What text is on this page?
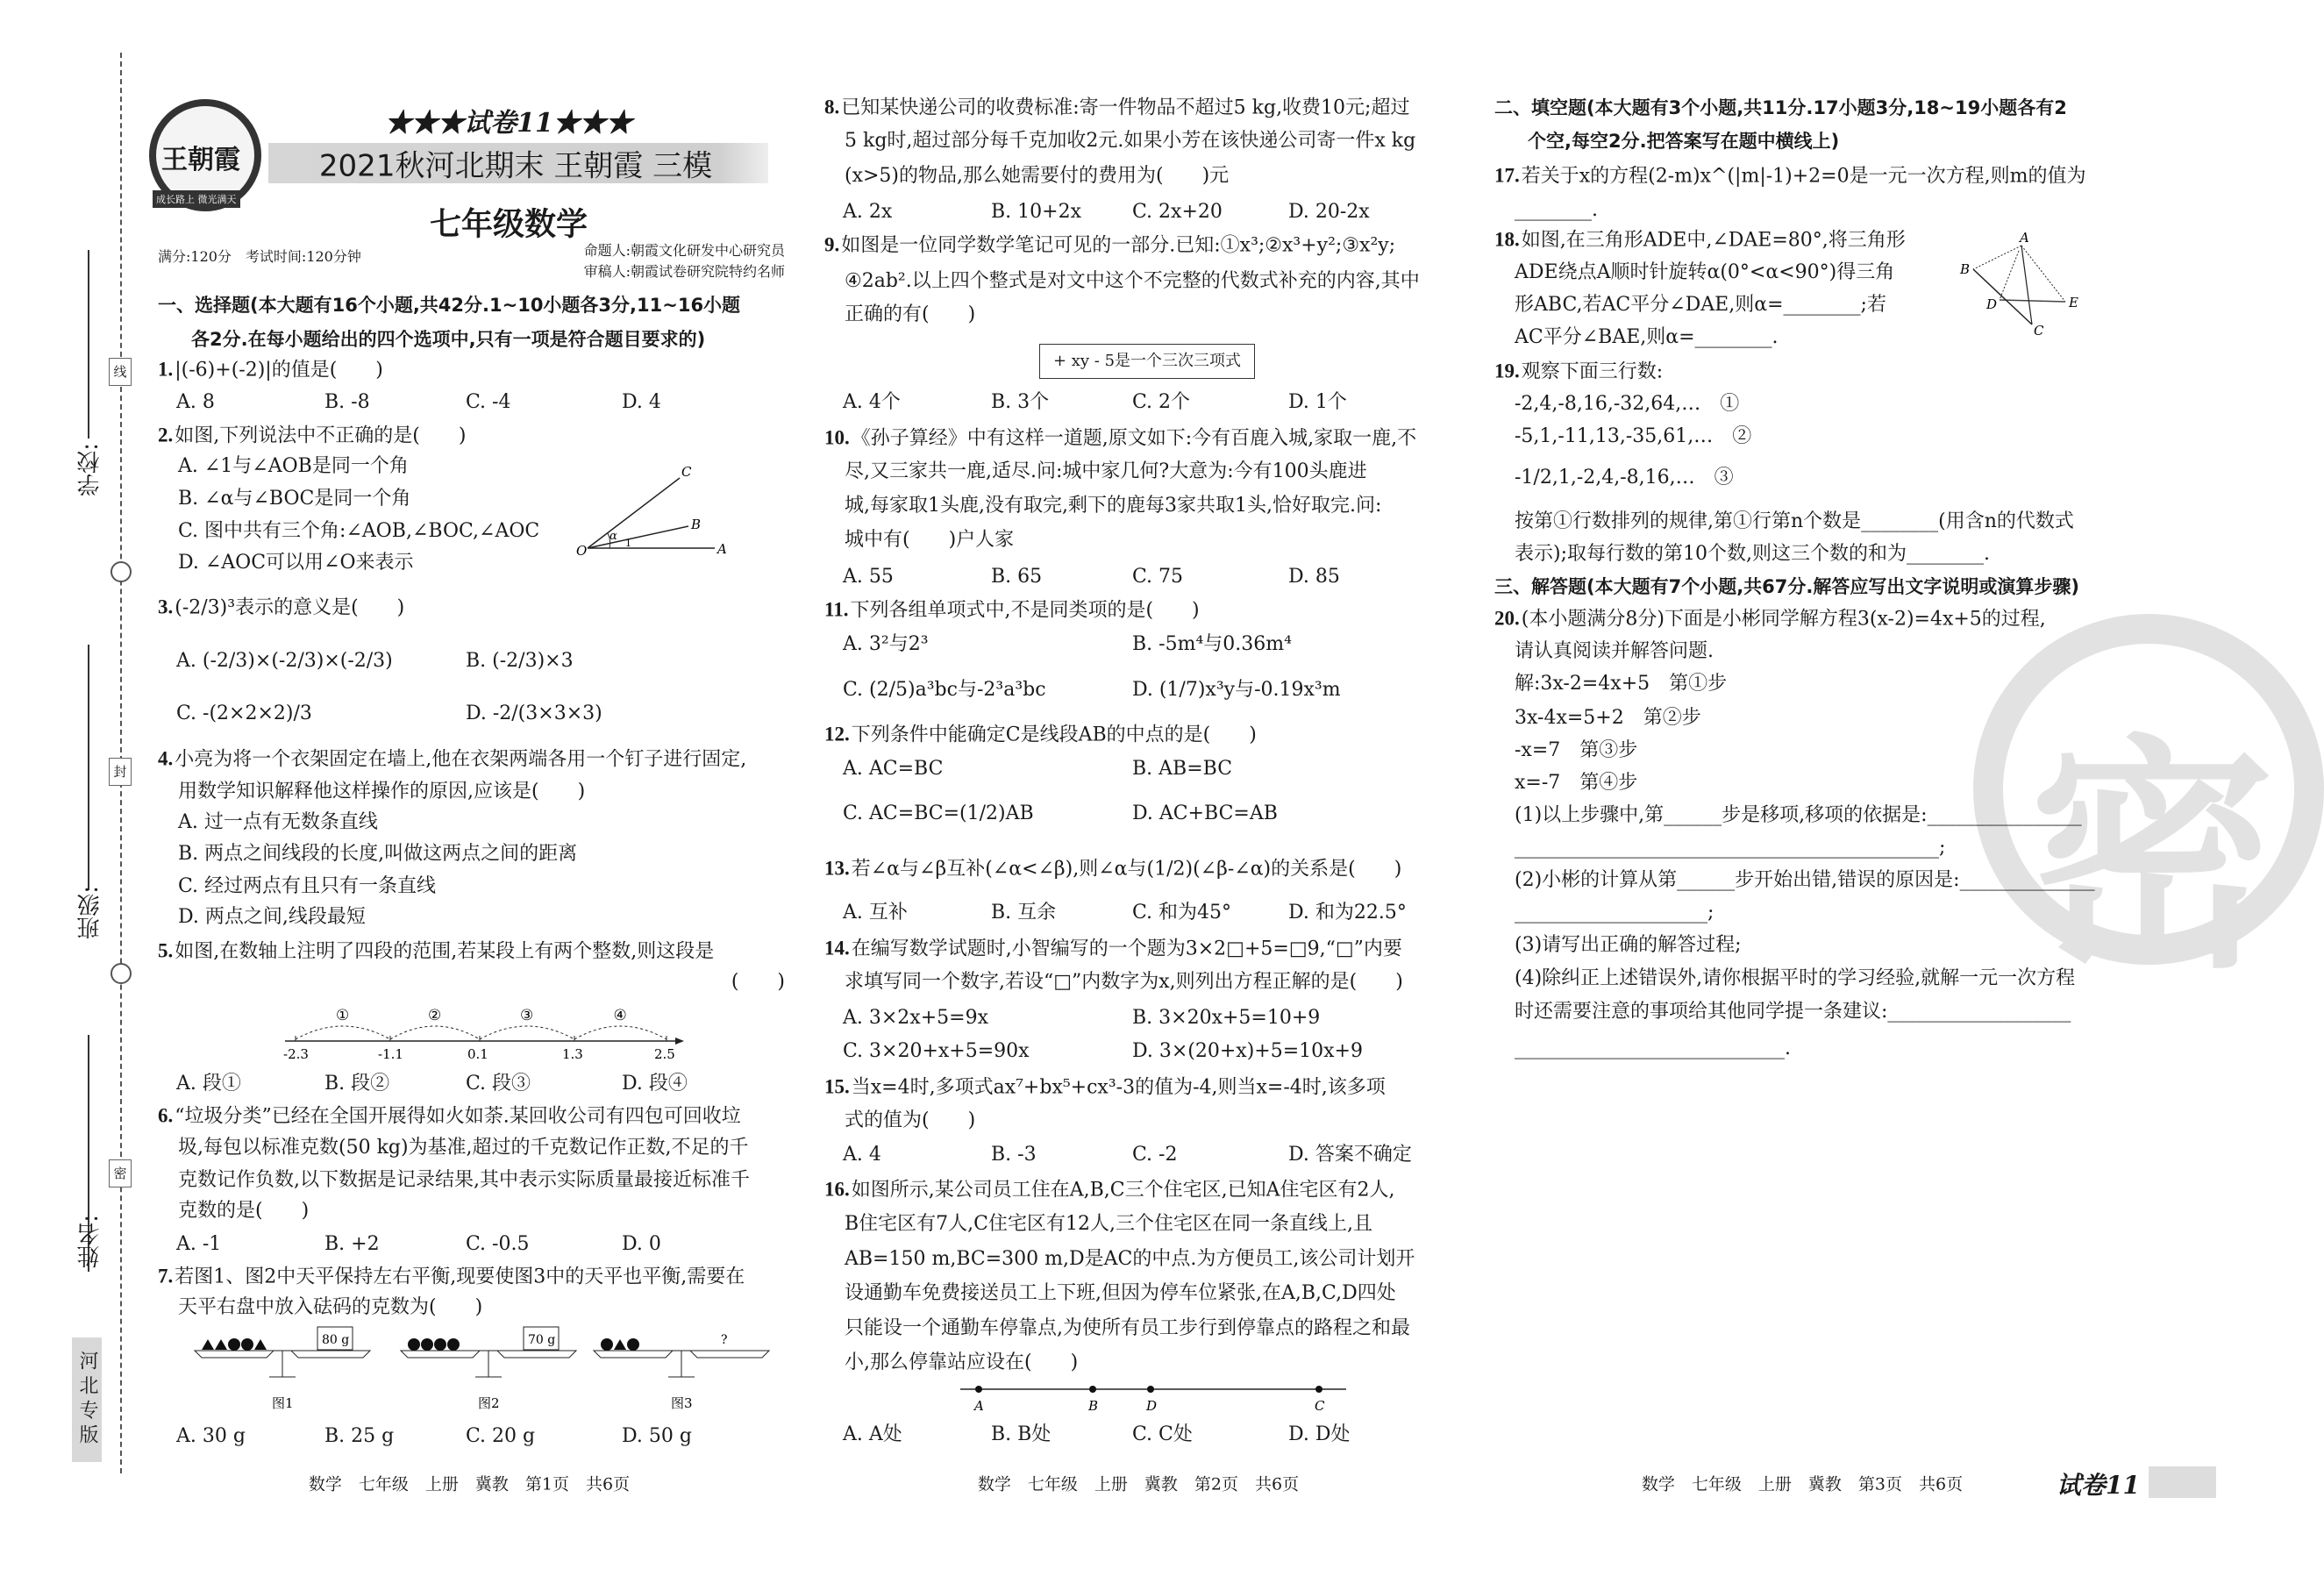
密
学校:
班级:
姓名:
线
封
密
河北专版
王朝霞
成长路上 微光满天
★★★试卷11★★★
2021秋河北期末 王朝霞 三模
七年级数学
满分:120分　考试时间:120分钟	命题人:朝霞文化研发中心研究员
审稿人:朝霞试卷研究院特约名师
一、选择题(本大题有16个小题,共42分.1~10小题各3分,11~16小题
各2分.在每小题给出的四个选项中,只有一项是符合题目要求的)
1.|(-6)+(-2)|的值是(　　)
A. 8	B. -8	C. -4	D. 4
2.如图,下列说法中不正确的是(　　)
A. ∠1与∠AOB是同一个角
B. ∠α与∠BOC是同一个角
C. 图中共有三个角:∠AOB,∠BOC,∠AOC
D. ∠AOC可以用∠O来表示
3.(-2/3)³表示的意义是(　　)
A. (-2/3)×(-2/3)×(-2/3)	B. (-2/3)×3
C. -(2×2×2)/3	D. -2/(3×3×3)
4.小亮为将一个衣架固定在墙上,他在衣架两端各用一个钉子进行固定,
用数学知识解释他这样操作的原因,应该是(　　)
A. 过一点有无数条直线
B. 两点之间线段的长度,叫做这两点之间的距离
C. 经过两点有且只有一条直线
D. 两点之间,线段最短
5.如图,在数轴上注明了四段的范围,若某段上有两个整数,则这段是
(　　)
A. 段①	B. 段②	C. 段③	D. 段④
6.“垃圾分类”已经在全国开展得如火如荼.某回收公司有四包可回收垃
圾,每包以标准克数(50 kg)为基准,超过的千克数记作正数,不足的千
克数记作负数,以下数据是记录结果,其中表示实际质量最接近标准千
克数的是(　　)
A. -1	B. +2	C. -0.5	D. 0
7.若图1、图2中天平保持左右平衡,现要使图3中的天平也平衡,需要在
天平右盘中放入砝码的克数为(　　)
A. 30 g	B. 25 g	C. 20 g	D. 50 g
8.已知某快递公司的收费标准:寄一件物品不超过5 kg,收费10元;超过
5 kg时,超过部分每千克加收2元.如果小芳在该快递公司寄一件x kg
(x>5)的物品,那么她需要付的费用为(　　)元
A. 2x	B. 10+2x	C. 2x+20	D. 20-2x
9.如图是一位同学数学笔记可见的一部分.已知:①x³;②x³+y²;③x²y;
④2ab².以上四个整式是对文中这个不完整的代数式补充的内容,其中
正确的有(　　)
A. 4个	B. 3个	C. 2个	D. 1个
10.《孙子算经》中有这样一道题,原文如下:今有百鹿入城,家取一鹿,不
尽,又三家共一鹿,适尽.问:城中家几何?大意为:今有100头鹿进
城,每家取1头鹿,没有取完,剩下的鹿每3家共取1头,恰好取完.问:
城中有(　　)户人家
A. 55	B. 65	C. 75	D. 85
11.下列各组单项式中,不是同类项的是(　　)
A. 3²与2³	B. -5m⁴与0.36m⁴
C. (2/5)a³bc与-2³a³bc	D. (1/7)x³y与-0.19x³m
12.下列条件中能确定C是线段AB的中点的是(　　)
A. AC=BC	B. AB=BC
C. AC=BC=(1/2)AB	D. AC+BC=AB
13.若∠α与∠β互补(∠α<∠β),则∠α与(1/2)(∠β-∠α)的关系是(　　)
A. 互补	B. 互余	C. 和为45°	D. 和为22.5°
14.在编写数学试题时,小智编写的一个题为3×2□+5=□9,“□”内要
求填写同一个数字,若设“□”内数字为x,则列出方程正解的是(　　)
A. 3×2x+5=9x	B. 3×20x+5=10+9
C. 3×20+x+5=90x	D. 3×(20+x)+5=10x+9
15.当x=4时,多项式ax⁷+bx⁵+cx³-3的值为-4,则当x=-4时,该多项
式的值为(　　)
A. 4	B. -3	C. -2	D. 答案不确定
16.如图所示,某公司员工住在A,B,C三个住宅区,已知A住宅区有2人,
B住宅区有7人,C住宅区有12人,三个住宅区在同一条直线上,且
AB=150 m,BC=300 m,D是AC的中点.为方便员工,该公司计划开
设通勤车免费接送员工上下班,但因为停车位紧张,在A,B,C,D四处
只能设一个通勤车停靠点,为使所有员工步行到停靠点的路程之和最
小,那么停靠站应设在(　　)
A. A处	B. B处	C. C处	D. D处
二、填空题(本大题有3个小题,共11分.17小题3分,18~19小题各有2
个空,每空2分.把答案写在题中横线上)
17.若关于x的方程(2-m)x^(|m|-1)+2=0是一元一次方程,则m的值为
________.
18.如图,在三角形ADE中,∠DAE=80°,将三角形
ADE绕点A顺时针旋转α(0°<α<90°)得三角
形ABC,若AC平分∠DAE,则α=________;若
AC平分∠BAE,则α=________.
19.观察下面三行数:
-2,4,-8,16,-32,64,…　①
-5,1,-11,13,-35,61,…　②
-1/2,1,-2,4,-8,16,…　③
按第①行数排列的规律,第①行第n个数是________(用含n的代数式
表示);取每行数的第10个数,则这三个数的和为________.
三、解答题(本大题有7个小题,共67分.解答应写出文字说明或演算步骤)
20.(本小题满分8分)下面是小彬同学解方程3(x-2)=4x+5的过程,
请认真阅读并解答问题.
解:3x-2=4x+5　第①步
3x-4x=5+2　第②步
-x=7　第③步
x=-7　第④步
(1)以上步骤中,第______步是移项,移项的依据是:________________
____________________________________________;
(2)小彬的计算从第______步开始出错,错误的原因是:______________
____________________;
(3)请写出正确的解答过程;
(4)除纠正上述错误外,请你根据平时的学习经验,就解一元一次方程
时还需要注意的事项给其他同学提一条建议:___________________
____________________________.
O	A
B
C
α
1
-2.3	-1.1	0.1	1.3	2.5
①	②	③	④
80 g
图1
70 g
图2
?
图3
+ xy - 5是一个三次三项式
A	B	D	C
A
B
D	E
C
数学　七年级　上册　冀教　第1页　共6页	数学　七年级　上册　冀教　第2页　共6页	数学　七年级　上册　冀教　第3页　共6页	试卷11
